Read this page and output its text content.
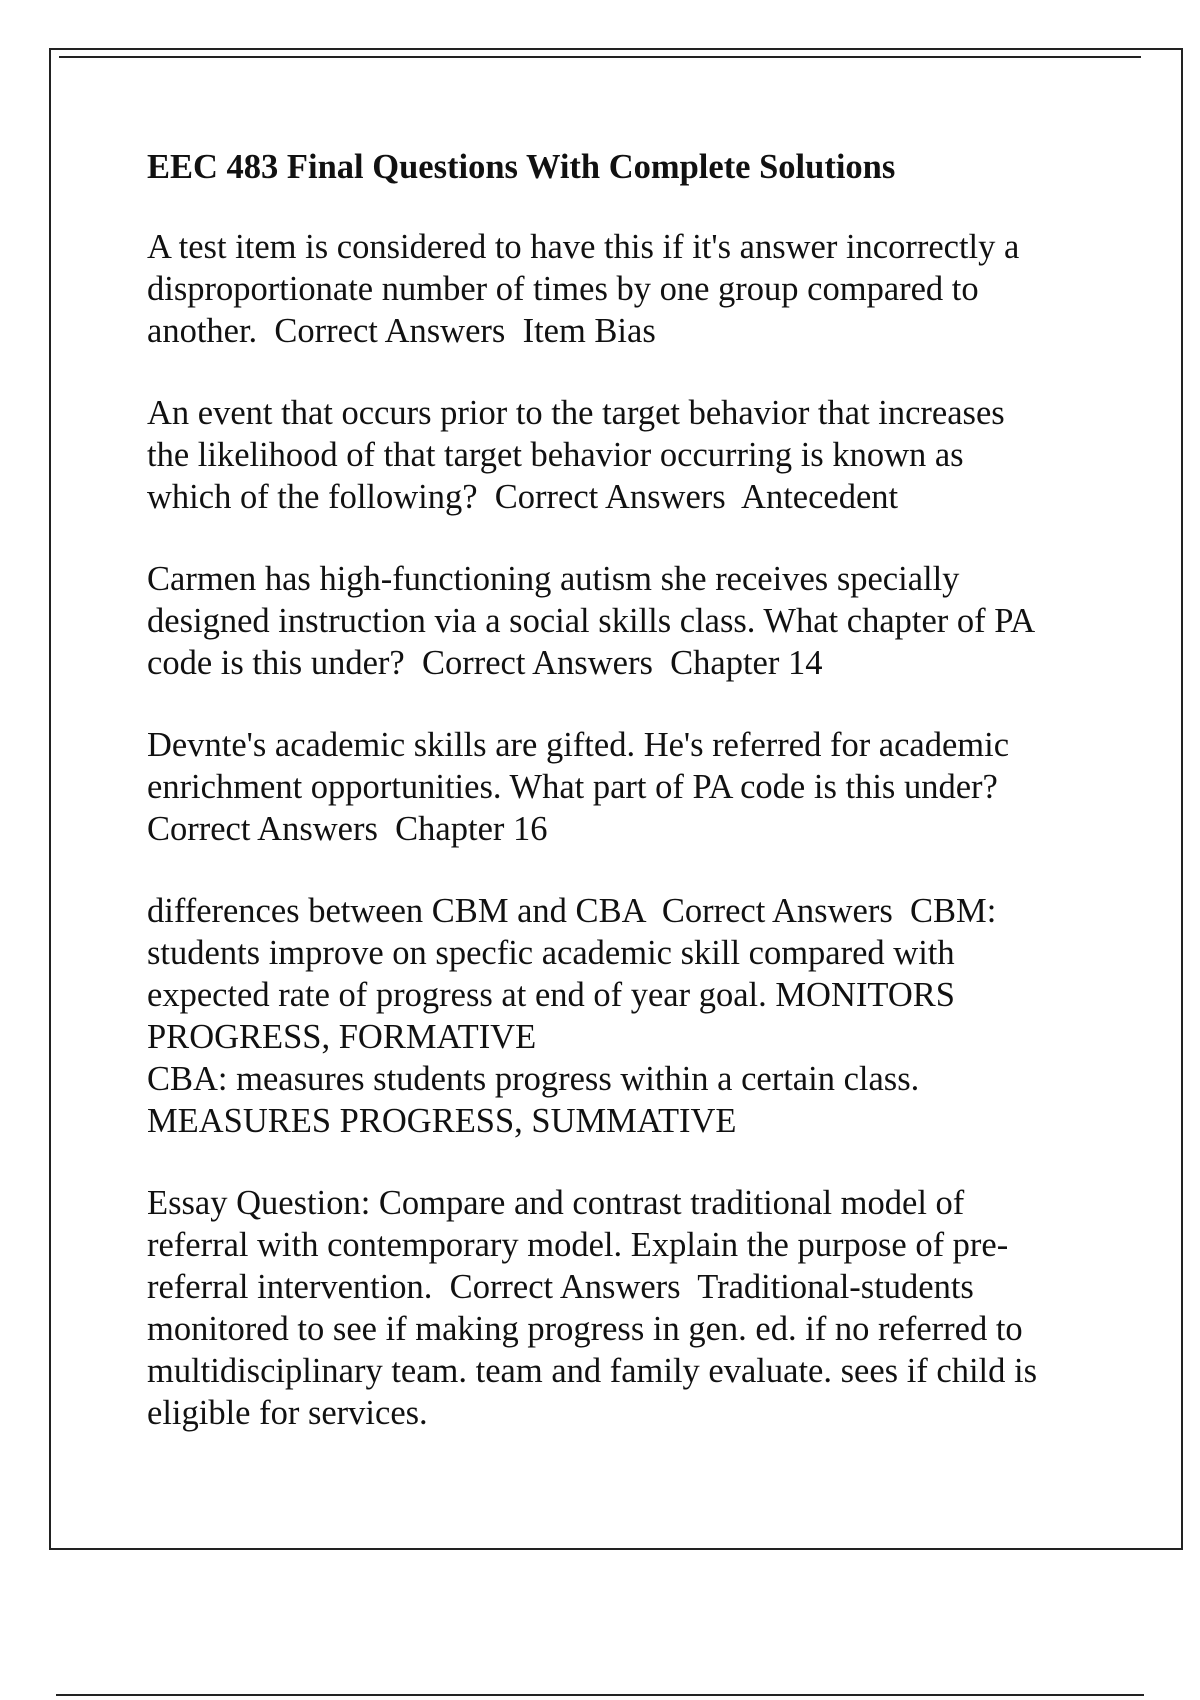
EEC 483 Final Questions With Complete Solutions
A test item is considered to have this if it's answer incorrectly a
disproportionate number of times by one group compared to
another.  Correct Answers  Item Bias
An event that occurs prior to the target behavior that increases
the likelihood of that target behavior occurring is known as
which of the following?  Correct Answers  Antecedent
Carmen has high-functioning autism she receives specially
designed instruction via a social skills class. What chapter of PA
code is this under?  Correct Answers  Chapter 14
Devnte's academic skills are gifted. He's referred for academic
enrichment opportunities. What part of PA code is this under?
Correct Answers  Chapter 16
differences between CBM and CBA  Correct Answers  CBM:
students improve on specfic academic skill compared with
expected rate of progress at end of year goal. MONITORS
PROGRESS, FORMATIVE
CBA: measures students progress within a certain class.
MEASURES PROGRESS, SUMMATIVE
Essay Question: Compare and contrast traditional model of
referral with contemporary model. Explain the purpose of pre-
referral intervention.  Correct Answers  Traditional-students
monitored to see if making progress in gen. ed. if no referred to
multidisciplinary team. team and family evaluate. sees if child is
eligible for services.
